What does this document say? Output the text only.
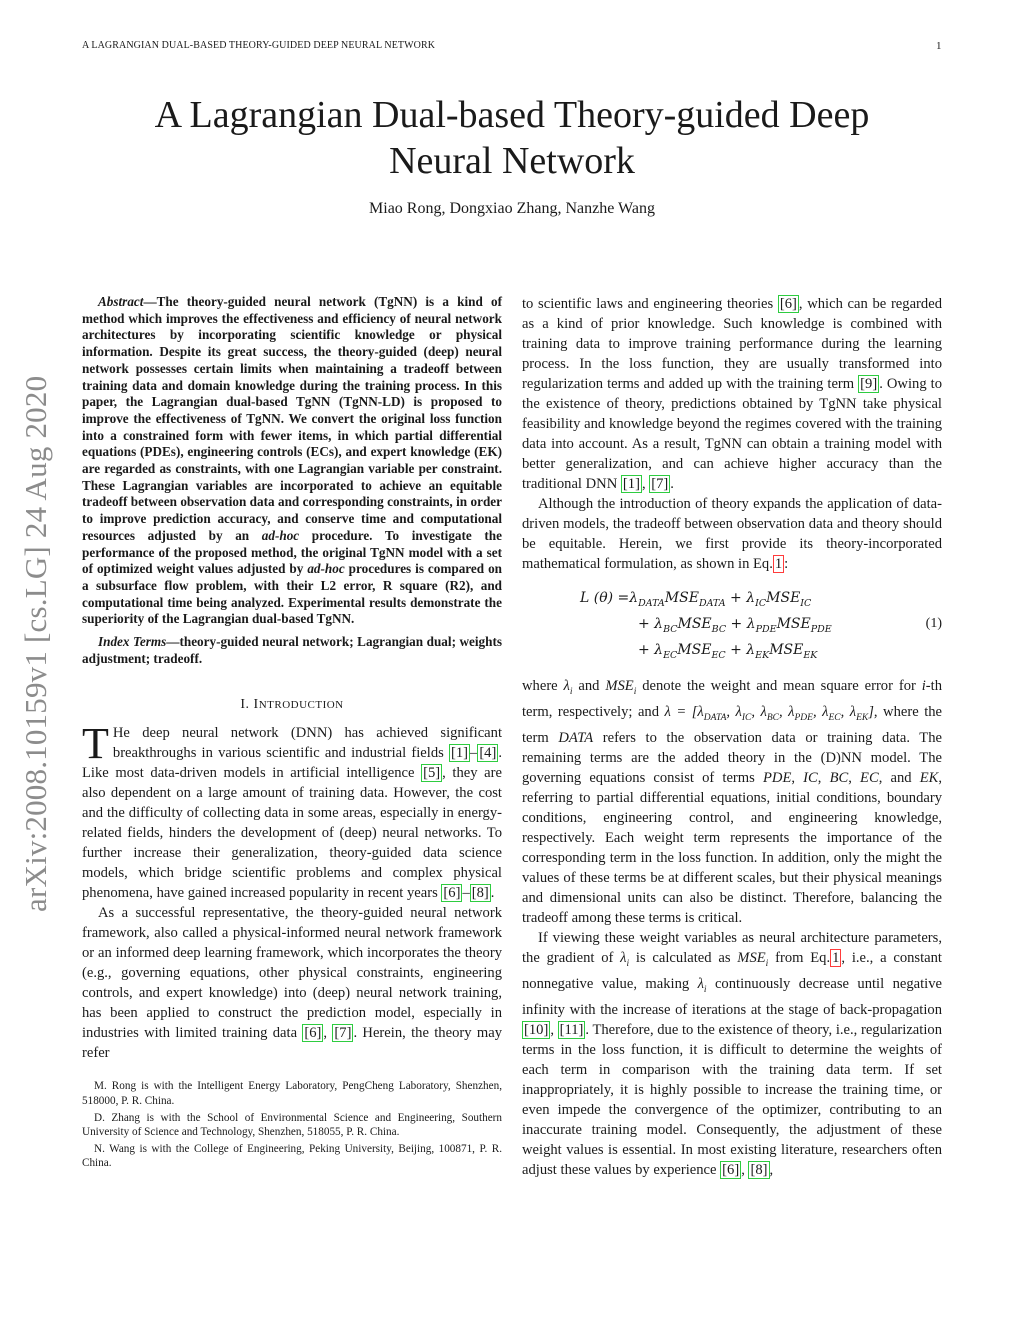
A LAGRANGIAN DUAL-BASED THEORY-GUIDED DEEP NEURAL NETWORK	1
A Lagrangian Dual-based Theory-guided Deep
Neural Network
Miao Rong, Dongxiao Zhang, Nanzhe Wang
arXiv:2008.10159v1 [cs.LG] 24 Aug 2020

Abstract—The theory-guided neural network (TgNN) is a kind of method which improves the effectiveness and efficiency of neural network architectures by incorporating scientific knowledge or physical information. Despite its great success, the theory-guided (deep) neural network possesses certain limits when maintaining a tradeoff between training data and domain knowledge during the training process. In this paper, the Lagrangian dual-based TgNN (TgNN-LD) is proposed to improve the effectiveness of TgNN. We convert the original loss function into a constrained form with fewer items, in which partial differential equations (PDEs), engineering controls (ECs), and expert knowledge (EK) are regarded as constraints, with one Lagrangian variable per constraint. These Lagrangian variables are incorporated to achieve an equitable tradeoff between observation data and corresponding constraints, in order to improve prediction accuracy, and conserve time and computational resources adjusted by an ad-hoc procedure. To investigate the performance of the proposed method, the original TgNN model with a set of optimized weight values adjusted by ad-hoc procedures is compared on a subsurface flow problem, with their L2 error, R square (R2), and computational time being analyzed. Experimental results demonstrate the superiority of the Lagrangian dual-based TgNN.

Index Terms—theory-guided neural network; Lagrangian dual; weights adjustment; tradeoff.

I. INTRODUCTION

T He deep neural network (DNN) has achieved significant breakthroughs in various scientific and industrial fields [1] – [4] . Like most data-driven models in artificial intelligence [5] , they are also dependent on a large amount of training data. However, the cost and the difficulty of collecting data in some areas, especially in energy-related fields, hinders the development of (deep) neural networks. To further increase their generalization, theory-guided data science models, which bridge scientific problems and complex physical phenomena, have gained increased popularity in recent years [6] – [8] .

As a successful representative, the theory-guided neural network framework, also called a physical-informed neural network framework or an informed deep learning framework, which incorporates the theory (e.g., governing equations, other physical constraints, engineering controls, and expert knowledge) into (deep) neural network training, has been applied to construct the prediction model, especially in industries with limited training data [6] , [7] . Herein, the theory may refer

M. Rong is with the Intelligent Energy Laboratory, PengCheng Laboratory, Shenzhen, 518000, P. R. China.

D. Zhang is with the School of Environmental Science and Engineering, Southern University of Science and Technology, Shenzhen, 518055, P. R. China.

N. Wang is with the College of Engineering, Peking University, Beijing, 100871, P. R. China.

to scientific laws and engineering theories [6] , which can be regarded as a kind of prior knowledge. Such knowledge is combined with training data to improve training performance during the learning process. In the loss function, they are usually transformed into regularization terms and added up with the training term [9] . Owing to the existence of theory, predictions obtained by TgNN take physical feasibility and knowledge beyond the regimes covered with the training data into account. As a result, TgNN can obtain a training model with better generalization, and can achieve higher accuracy than the traditional DNN [1] , [7] .

Although the introduction of theory expands the application of data-driven models, the tradeoff between observation data and theory should be equitable. Herein, we first provide its theory-incorporated mathematical formulation, as shown in Eq. 1 :

L $(\theta) =\lambda_{DATA}MSE_{DATA} + \lambda_{IC}MSE_{IC}$
+ $\lambda_{BC}MSE_{BC} + \lambda_{PDE}MSE_{PDE}$
+ $\lambda_{EC}MSE_{EC} + \lambda_{EK}MSE_{EK}$
(1)

where $\lambda_i$ and $MSE_i$ denote the weight and mean square error for i-th term, respectively; and $\lambda = [\lambda_{DATA}$, $\lambda_{IC}$, $\lambda_{BC}$, $\lambda_{PDE}$, $\lambda_{EC}$, $\lambda_{EK}$], where the term DATA refers to the observation data or training data. The remaining terms are the added theory in the (D)NN model. The governing equations consist of terms PDE, IC, BC, EC, and EK, referring to partial differential equations, initial conditions, boundary conditions, engineering control, and engineering knowledge, respectively. Each weight term represents the importance of the corresponding term in the loss function. In addition, only the might the values of these terms be at different scales, but their physical meanings and dimensional units can also be distinct. Therefore, balancing the tradeoff among these terms is critical.

If viewing these weight variables as neural architecture parameters, the gradient of $\lambda_i$ is calculated as $MSE_i$ from Eq. 1 , i.e., a constant nonnegative value, making $\lambda_i$ continuously decrease until negative infinity with the increase of iterations at the stage of back-propagation [10] , [11] . Therefore, due to the existence of theory, i.e., regularization terms in the loss function, it is difficult to determine the weights of each term in comparison with the training data term. If set inappropriately, it is highly possible to increase the training time, or even impede the convergence of the optimizer, contributing to an inaccurate training model. Consequently, the adjustment of these weight values is essential. In most existing literature, researchers often adjust these values by experience [6] , [8] ,
